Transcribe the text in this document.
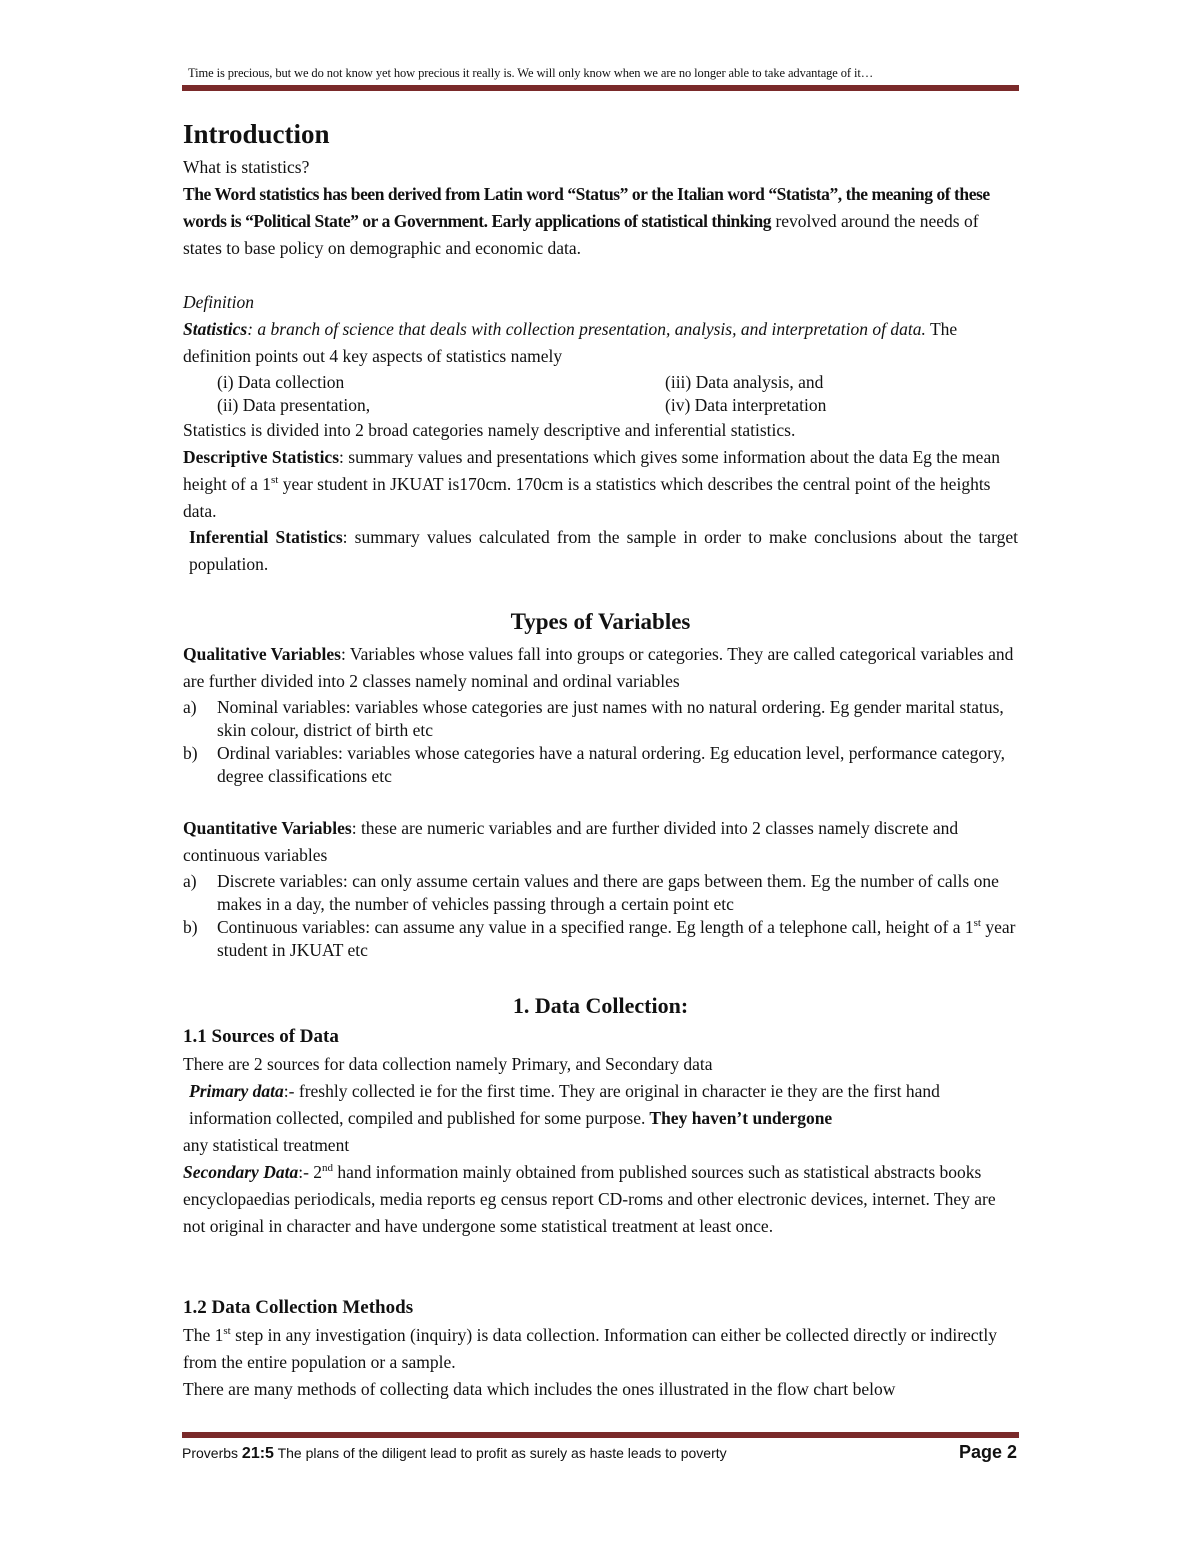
Time is precious, but we do not know yet how precious it really is. We will only know when we are no longer able to take advantage of it…
Introduction
What is statistics?
The Word statistics has been derived from Latin word “Status” or the Italian word “Statista”, the meaning of these words is “Political State” or a Government. Early applications of statistical thinking revolved around the needs of states to base policy on demographic and economic data.
Definition
Statistics: a branch of science that deals with collection presentation, analysis, and interpretation of data. The definition points out 4 key aspects of statistics namely
(i) Data collection	(iii) Data analysis, and
(ii) Data presentation,	(iv) Data interpretation
Statistics is divided into 2 broad categories namely descriptive and inferential statistics.
Descriptive Statistics: summary values and presentations which gives some information about the data Eg the mean height of a 1st year student in JKUAT is170cm. 170cm is a statistics which describes the central point of the heights data.
Inferential Statistics: summary values calculated from the sample in order to make conclusions about the target population.
Types of Variables
Qualitative Variables: Variables whose values fall into groups or categories. They are called categorical variables and are further divided into 2 classes namely nominal and ordinal variables
a) Nominal variables: variables whose categories are just names with no natural ordering. Eg gender marital status, skin colour, district of birth etc
b) Ordinal variables: variables whose categories have a natural ordering. Eg education level, performance category, degree classifications etc
Quantitative Variables: these are numeric variables and are further divided into 2 classes namely discrete and continuous variables
a) Discrete variables: can only assume certain values and there are gaps between them. Eg the number of calls one makes in a day, the number of vehicles passing through a certain point etc
b) Continuous variables: can assume any value in a specified range. Eg length of a telephone call, height of a 1st year student in JKUAT etc
1. Data Collection:
1.1 Sources of Data
There are 2 sources for data collection namely Primary, and Secondary data
Primary data:- freshly collected ie for the first time. They are original in character ie they are the first hand information collected, compiled and published for some purpose. They haven’t undergone
any statistical treatment
Secondary Data:- 2nd hand information mainly obtained from published sources such as statistical abstracts books encyclopaedias periodicals, media reports eg census report CD-roms and other electronic devices, internet. They are not original in character and have undergone some statistical treatment at least once.
1.2 Data Collection Methods
The 1st step in any investigation (inquiry) is data collection. Information can either be collected directly or indirectly from the entire population or a sample.
There are many methods of collecting data which includes the ones illustrated in the flow chart below
Proverbs 21:5 The plans of the diligent lead to profit as surely as haste leads to poverty	Page 2
